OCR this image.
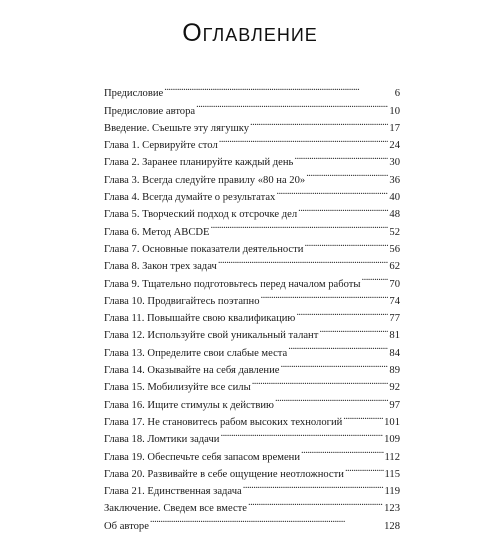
Оглавление
Предисловие . . .	6
Предисловие автора . . .	10
Введение. Съешьте эту лягушку . . .	17
Глава 1. Сервируйте стол . . .	24
Глава 2. Заранее планируйте каждый день . . .	30
Глава 3. Всегда следуйте правилу «80 на 20» . . .	36
Глава 4. Всегда думайте о результатах . . .	40
Глава 5. Творческий подход к отсрочке дел . . .	48
Глава 6. Метод ABCDE . . .	52
Глава 7. Основные показатели деятельности . . .	56
Глава 8. Закон трех задач . . .	62
Глава 9. Тщательно подготовьтесь перед началом работы . . .	70
Глава 10. Продвигайтесь поэтапно . . .	74
Глава 11. Повышайте свою квалификацию . . .	77
Глава 12. Используйте свой уникальный талант . . .	81
Глава 13. Определите свои слабые места . . .	84
Глава 14. Оказывайте на себя давление . . .	89
Глава 15. Мобилизуйте все силы . . .	92
Глава 16. Ищите стимулы к действию . . .	97
Глава 17. Не становитесь рабом высоких технологий . . .	101
Глава 18. Ломтики задачи . . .	109
Глава 19. Обеспечьте себя запасом времени . . .	112
Глава 20. Развивайте в себе ощущение неотложности . . .	115
Глава 21. Единственная задача . . .	119
Заключение. Сведем все вместе . . .	123
Об авторе . . .	128
